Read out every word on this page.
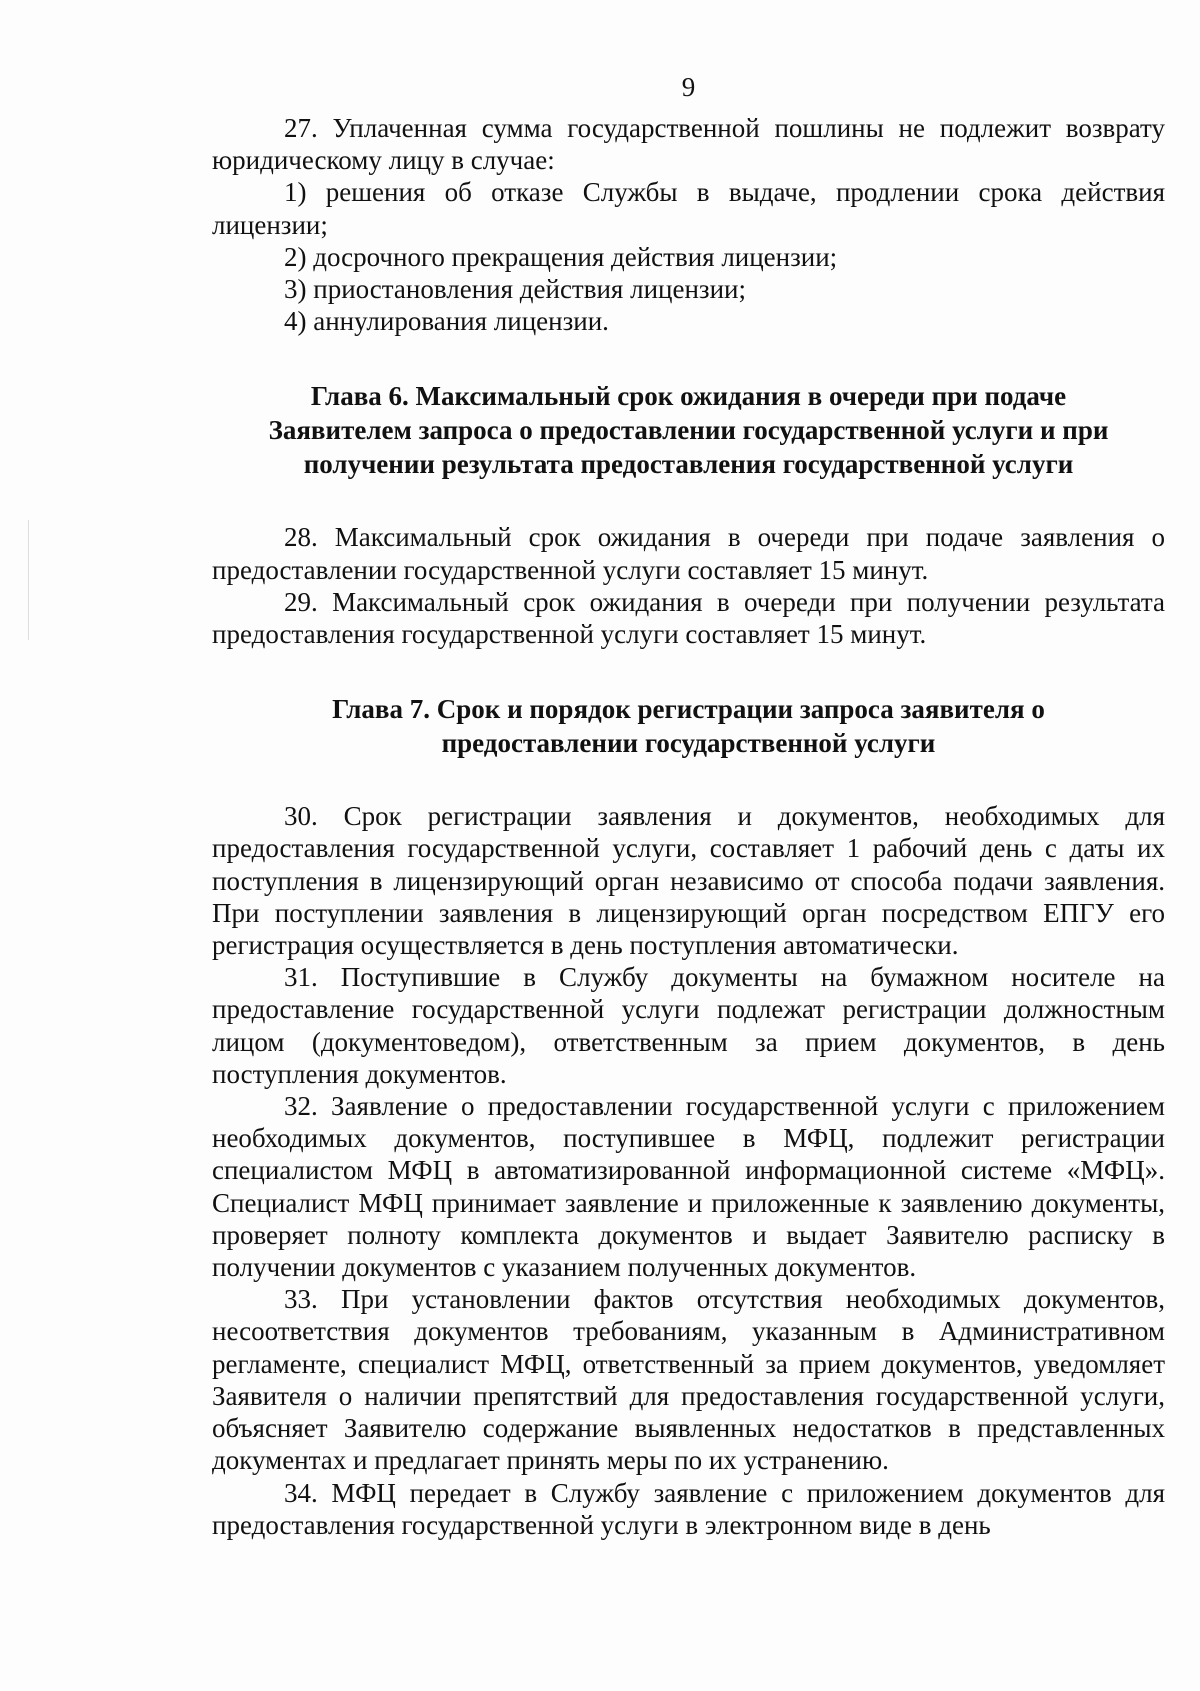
9

27. Уплаченная сумма государственной пошлины не подлежит возврату юридическому лицу в случае:

1) решения об отказе Службы в выдаче, продлении срока действия лицензии;

2) досрочного прекращения действия лицензии;

3) приостановления действия лицензии;

4) аннулирования лицензии.

Глава 6. Максимальный срок ожидания в очереди при подаче
Заявителем запроса о предоставлении государственной услуги и при
получении результата предоставления государственной услуги

28. Максимальный срок ожидания в очереди при подаче заявления о предоставлении государственной услуги составляет 15 минут.

29. Максимальный срок ожидания в очереди при получении результата предоставления государственной услуги составляет 15 минут.

Глава 7. Срок и порядок регистрации запроса заявителя о
предоставлении государственной услуги

30. Срок регистрации заявления и документов, необходимых для предоставления государственной услуги, составляет 1 рабочий день с даты их поступления в лицензирующий орган независимо от способа подачи заявления. При поступлении заявления в лицензирующий орган посредством ЕПГУ его регистрация осуществляется в день поступления автоматически.

31. Поступившие в Службу документы на бумажном носителе на предоставление государственной услуги подлежат регистрации должностным лицом (документоведом), ответственным за прием документов, в день поступления документов.

32. Заявление о предоставлении государственной услуги с приложением необходимых документов, поступившее в МФЦ, подлежит регистрации специалистом МФЦ в автоматизированной информационной системе «МФЦ». Специалист МФЦ принимает заявление и приложенные к заявлению документы, проверяет полноту комплекта документов и выдает Заявителю расписку в получении документов с указанием полученных документов.

33. При установлении фактов отсутствия необходимых документов, несоответствия документов требованиям, указанным в Административном регламенте, специалист МФЦ, ответственный за прием документов, уведомляет Заявителя о наличии препятствий для предоставления государственной услуги, объясняет Заявителю содержание выявленных недостатков в представленных документах и предлагает принять меры по их устранению.

34. МФЦ передает в Службу заявление с приложением документов для предоставления государственной услуги в электронном виде в день
